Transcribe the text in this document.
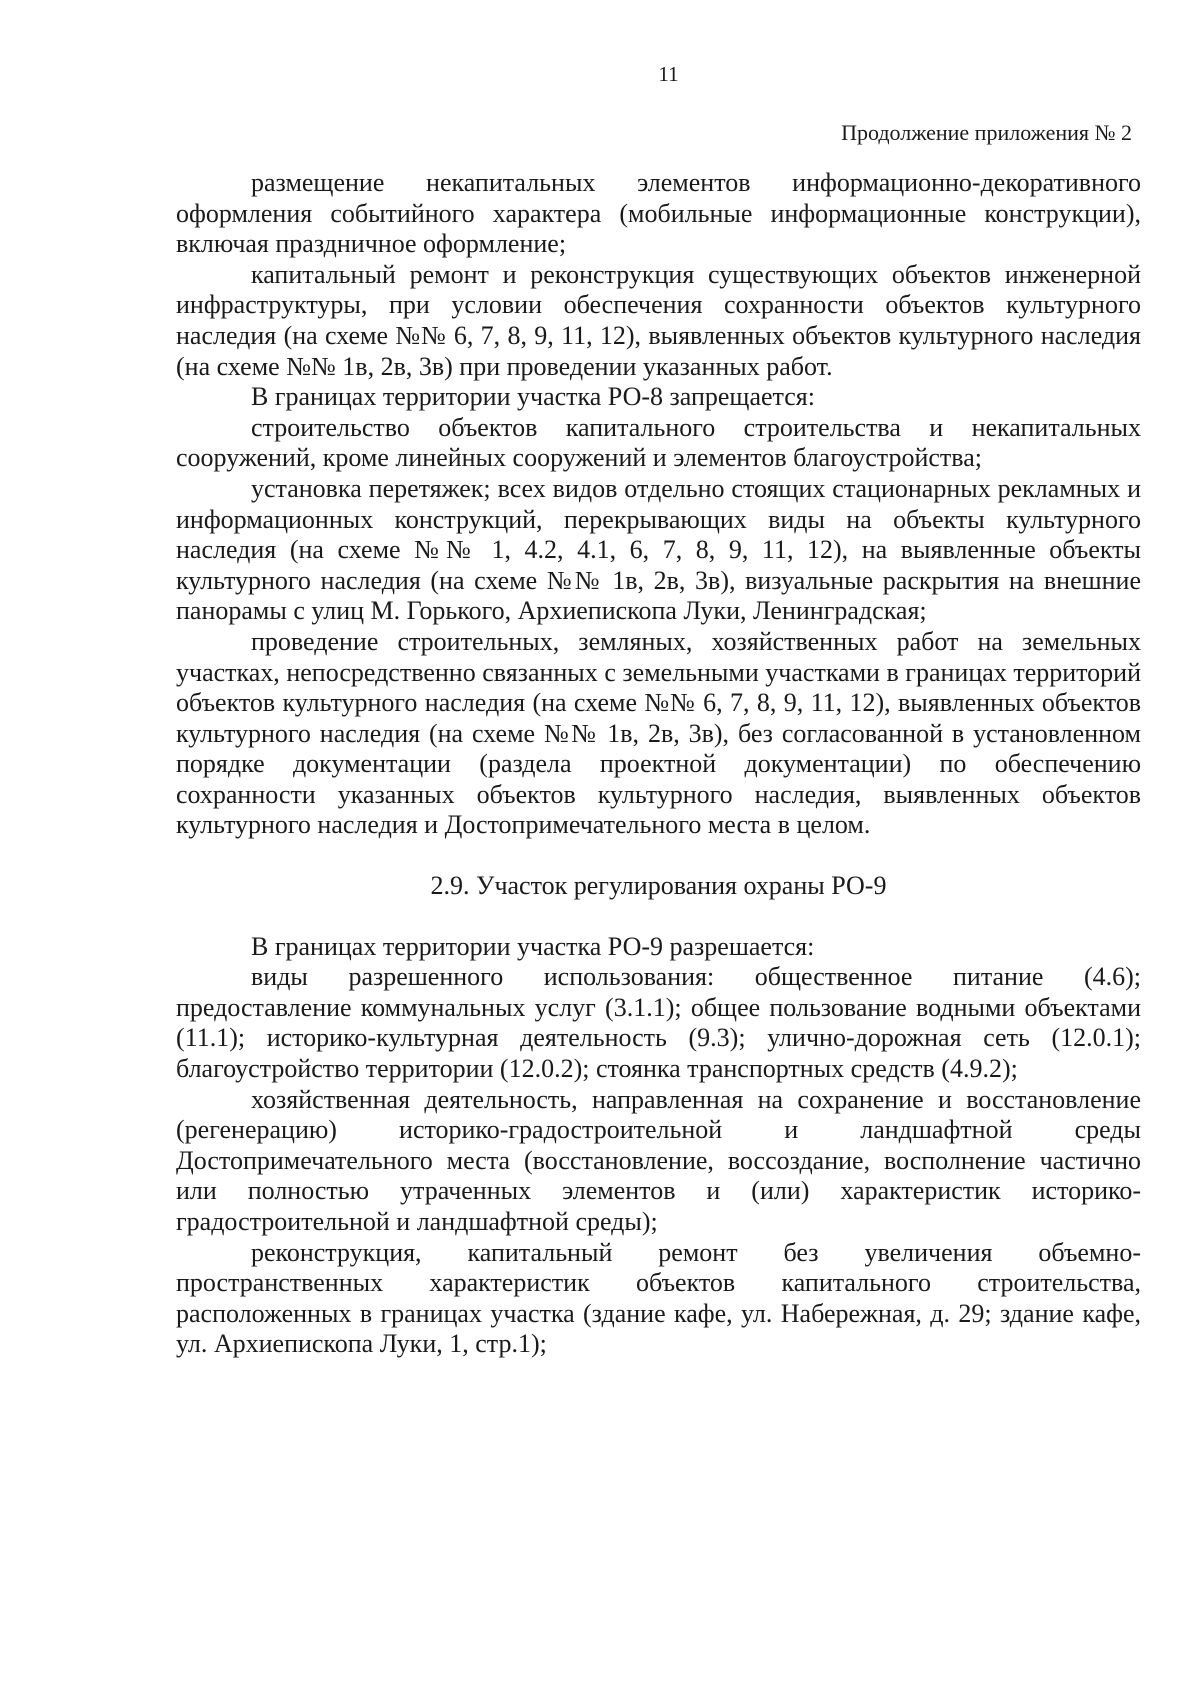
11
Продолжение приложения № 2

размещение некапитальных элементов информационно-декоративного оформления событийного характера (мобильные информационные конструкции), включая праздничное оформление;

капитальный ремонт и реконструкция существующих объектов инженерной инфраструктуры, при условии обеспечения сохранности объектов культурного наследия (на схеме №№ 6, 7, 8, 9, 11, 12), выявленных объектов культурного наследия (на схеме №№ 1в, 2в, 3в) при проведении указанных работ.

В границах территории участка РО-8 запрещается:

строительство объектов капитального строительства и некапитальных сооружений, кроме линейных сооружений и элементов благоустройства;

установка перетяжек; всех видов отдельно стоящих стационарных рекламных и информационных конструкций, перекрывающих виды на объекты культурного наследия (на схеме №№ 1, 4.2, 4.1, 6, 7, 8, 9, 11, 12), на выявленные объекты культурного наследия (на схеме №№ 1в, 2в, 3в), визуальные раскрытия на внешние панорамы с улиц М. Горького, Архиепископа Луки, Ленинградская;

проведение строительных, земляных, хозяйственных работ на земельных участках, непосредственно связанных с земельными участками в границах территорий объектов культурного наследия (на схеме №№ 6, 7, 8, 9, 11, 12), выявленных объектов культурного наследия (на схеме №№ 1в, 2в, 3в), без согласованной в установленном порядке документации (раздела проектной документации) по обеспечению сохранности указанных объектов культурного наследия, выявленных объектов культурного наследия и Достопримечательного места в целом.

2.9. Участок регулирования охраны РО-9

В границах территории участка РО-9 разрешается:

виды разрешенного использования: общественное питание (4.6); предоставление коммунальных услуг (3.1.1); общее пользование водными объектами (11.1); историко-культурная деятельность (9.3); улично-дорожная сеть (12.0.1); благоустройство территории (12.0.2); стоянка транспортных средств (4.9.2);

хозяйственная деятельность, направленная на сохранение и восстановление (регенерацию) историко-градостроительной и ландшафтной среды Достопримечательного места (восстановление, воссоздание, восполнение частично или полностью утраченных элементов и (или) характеристик историко-градостроительной и ландшафтной среды);

реконструкция, капитальный ремонт без увеличения объемно-пространственных характеристик объектов капитального строительства, расположенных в границах участка (здание кафе, ул. Набережная, д. 29; здание кафе, ул. Архиепископа Луки, 1, стр.1);
